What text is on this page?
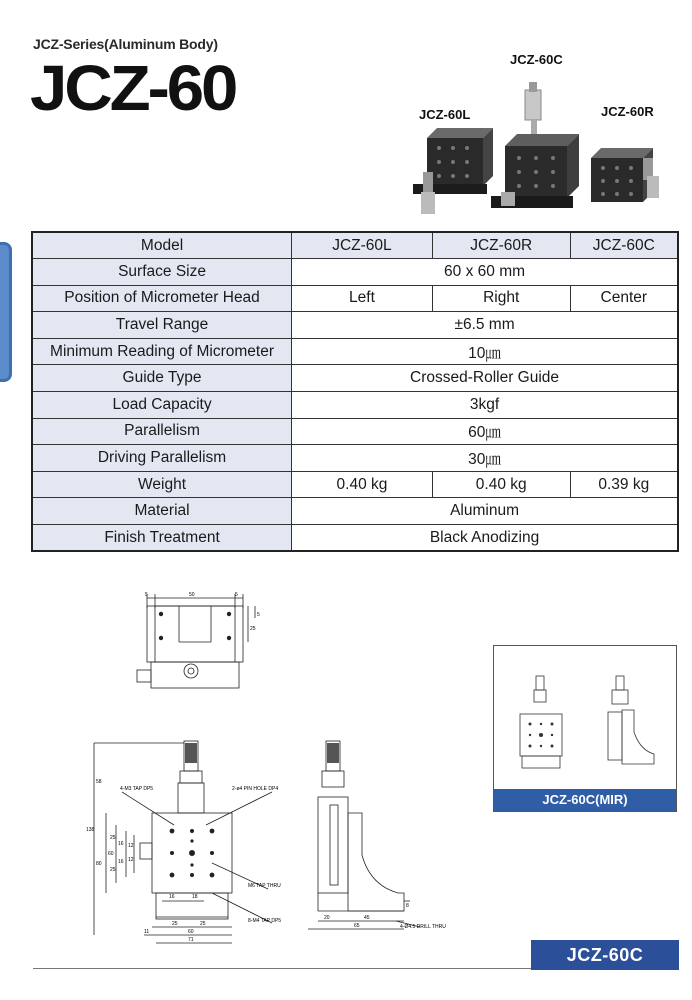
JCZ-Series(Aluminum Body)
JCZ-60	JCZ-60C
JCZ-60L	JCZ-60R
Model	JCZ-60L	JCZ-60R	JCZ-60C
Surface Size	60 x 60 mm		
Position of Micrometer Head	Left	Right	Center
Travel Range	±6.5 mm		
Minimum Reading of Micrometer	10㎛		
Guide Type	Crossed-Roller Guide		
Load Capacity	3kgf		
Parallelism	60㎛		
Driving Parallelism	30㎛		
Weight	0.40 kg	0.40 kg	0.39 kg
Material	Aluminum		
Finish Treatment	Black Anodizing		
5	50	5
25
5
4-M3 TAP DP5	2-ø4 PIN HOLE DP4
M6 TAP THRU
8-M4 TAP DP5
58
138
80
60
25
16 12
12
16
25
16	18
25	25
11	60
71
20	45
65
8
4-Ø4.5 DRILL THRU
JCZ-60C(MIR)
JCZ-60C
